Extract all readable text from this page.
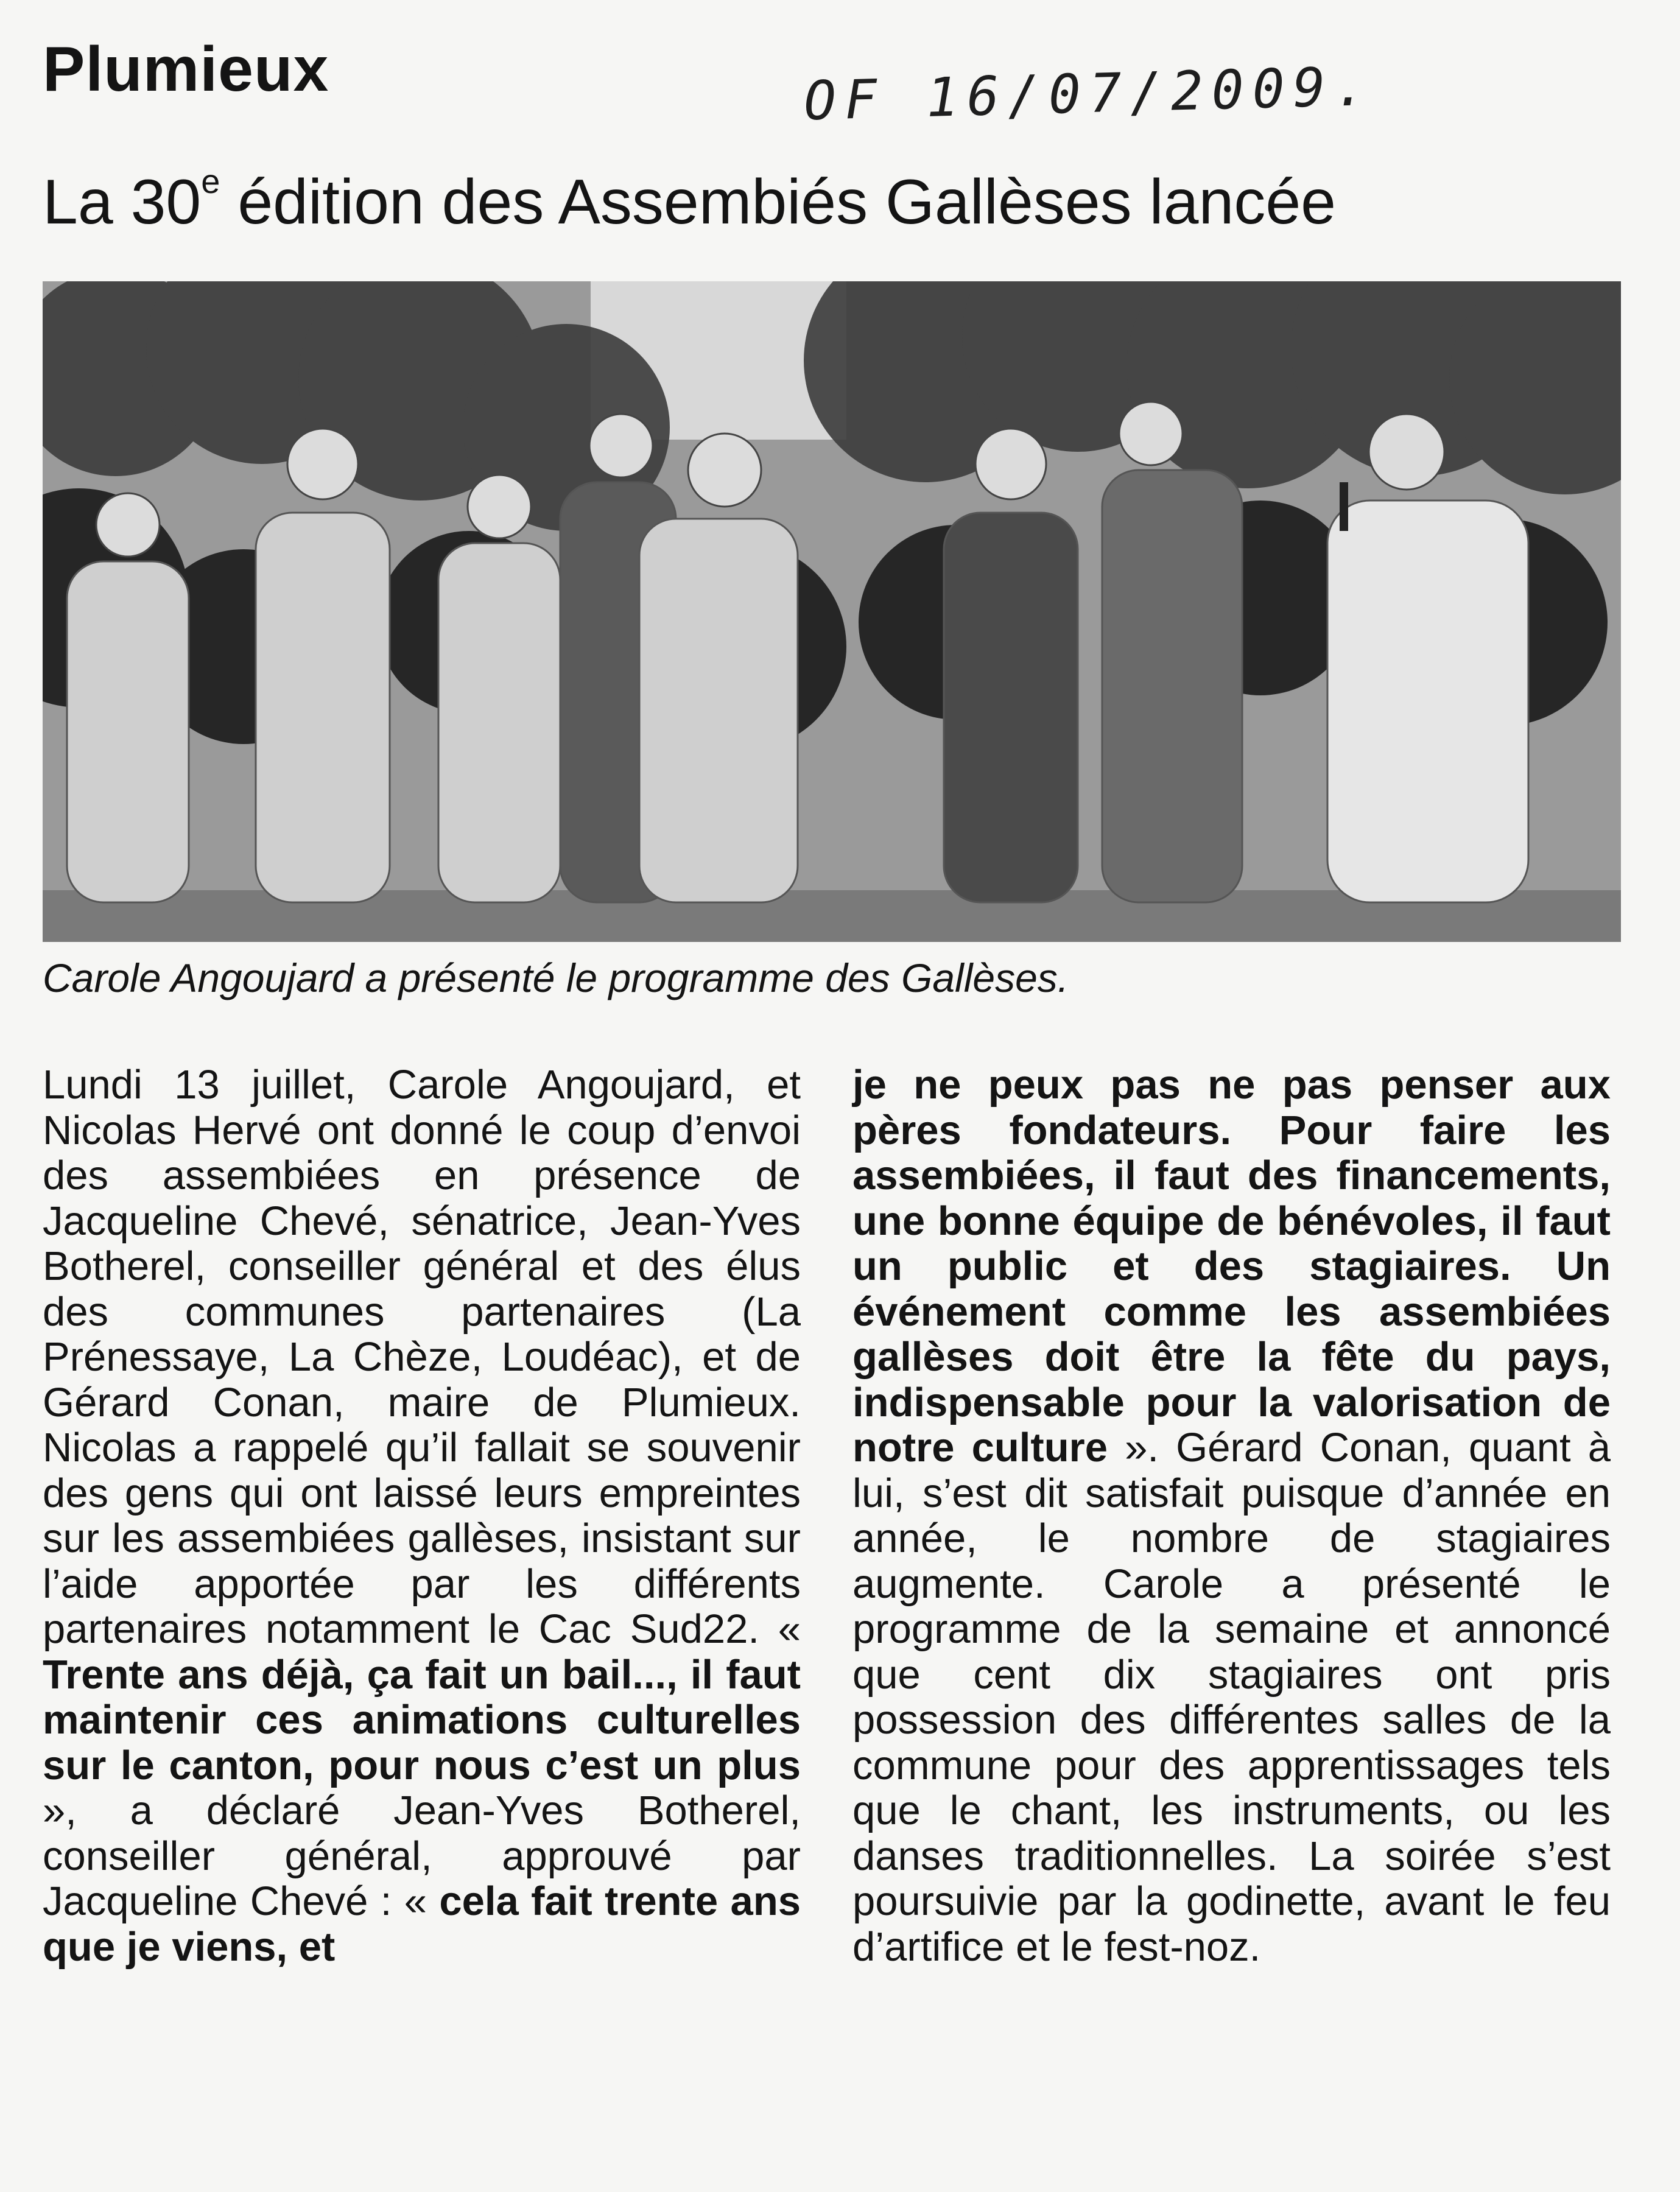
Plumieux	OF 16/07/2009.
La 30e édition des Assembiés Gallèses lancée
Carole Angoujard a présenté le programme des Gallèses.

Lundi 13 juillet, Carole Angoujard, et Nicolas Hervé ont donné le coup d’envoi des assembiées en présence de Jacqueline Chevé, sénatrice, Jean-Yves Botherel, conseiller général et des élus des communes partenaires (La Prénessaye, La Chèze, Loudéac), et de Gérard Conan, maire de Plumieux. Nicolas a rappelé qu’il fallait se souvenir des gens qui ont laissé leurs empreintes sur les assembiées gallèses, insistant sur l’aide apportée par les différents partenaires notamment le Cac Sud22. « Trente ans déjà, ça fait un bail..., il faut maintenir ces animations culturelles sur le canton, pour nous c’est un plus », a déclaré Jean-Yves Botherel, conseiller général, approuvé par Jacqueline Chevé : « cela fait trente ans que je viens, et

je ne peux pas ne pas penser aux pères fondateurs. Pour faire les assembiées, il faut des financements, une bonne équipe de bénévoles, il faut un public et des stagiaires. Un événement comme les assembiées gallèses doit être la fête du pays, indispensable pour la valorisation de notre culture ». Gérard Conan, quant à lui, s’est dit satisfait puisque d’année en année, le nombre de stagiaires augmente. Carole a présenté le programme de la semaine et annoncé que cent dix stagiaires ont pris possession des différentes salles de la commune pour des apprentissages tels que le chant, les instruments, ou les danses traditionnelles. La soirée s’est poursuivie par la godinette, avant le feu d’artifice et le fest-noz.
